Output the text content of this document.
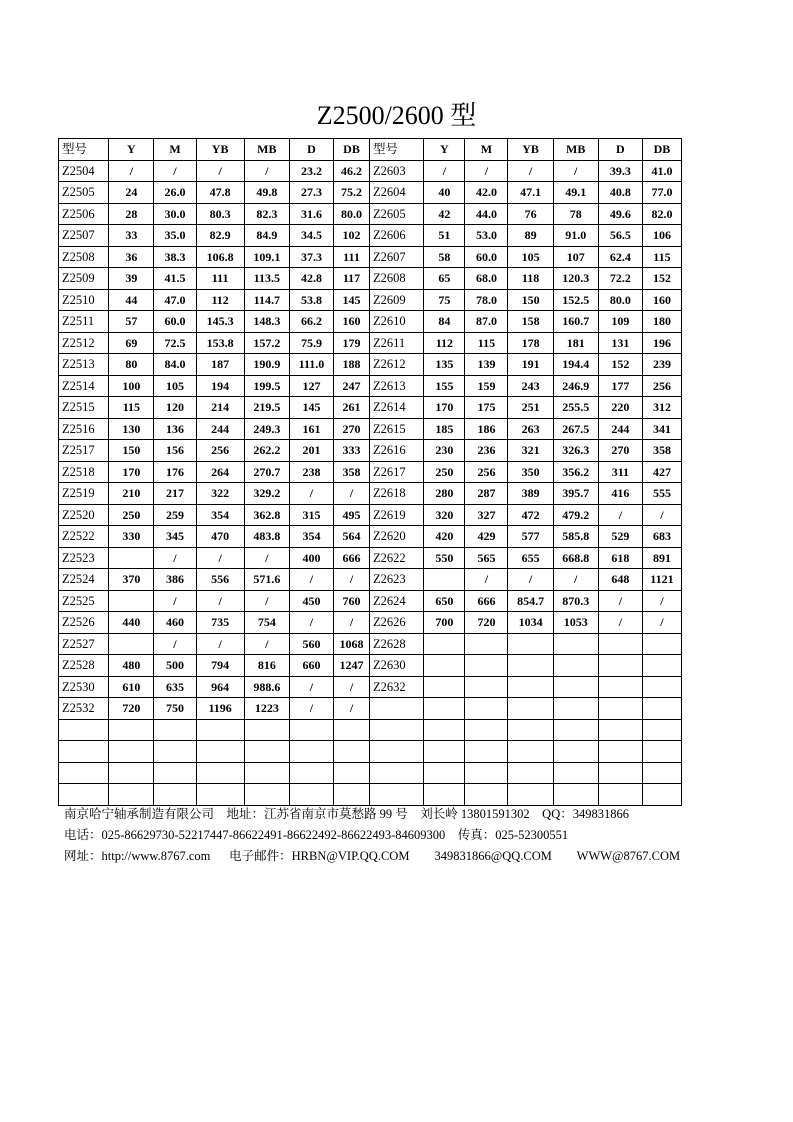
Z2500/2600 型
型号	Y	M	YB	MB	D	DB	型号	Y	M	YB	MB	D	DB
Z2504	/	/	/	/	23.2	46.2	Z2603	/	/	/	/	39.3	41.0
Z2505	24	26.0	47.8	49.8	27.3	75.2	Z2604	40	42.0	47.1	49.1	40.8	77.0
Z2506	28	30.0	80.3	82.3	31.6	80.0	Z2605	42	44.0	76	78	49.6	82.0
Z2507	33	35.0	82.9	84.9	34.5	102	Z2606	51	53.0	89	91.0	56.5	106
Z2508	36	38.3	106.8	109.1	37.3	111	Z2607	58	60.0	105	107	62.4	115
Z2509	39	41.5	111	113.5	42.8	117	Z2608	65	68.0	118	120.3	72.2	152
Z2510	44	47.0	112	114.7	53.8	145	Z2609	75	78.0	150	152.5	80.0	160
Z2511	57	60.0	145.3	148.3	66.2	160	Z2610	84	87.0	158	160.7	109	180
Z2512	69	72.5	153.8	157.2	75.9	179	Z2611	112	115	178	181	131	196
Z2513	80	84.0	187	190.9	111.0	188	Z2612	135	139	191	194.4	152	239
Z2514	100	105	194	199.5	127	247	Z2613	155	159	243	246.9	177	256
Z2515	115	120	214	219.5	145	261	Z2614	170	175	251	255.5	220	312
Z2516	130	136	244	249.3	161	270	Z2615	185	186	263	267.5	244	341
Z2517	150	156	256	262.2	201	333	Z2616	230	236	321	326.3	270	358
Z2518	170	176	264	270.7	238	358	Z2617	250	256	350	356.2	311	427
Z2519	210	217	322	329.2	/	/	Z2618	280	287	389	395.7	416	555
Z2520	250	259	354	362.8	315	495	Z2619	320	327	472	479.2	/	/
Z2522	330	345	470	483.8	354	564	Z2620	420	429	577	585.8	529	683
Z2523		/	/	/	400	666	Z2622	550	565	655	668.8	618	891
Z2524	370	386	556	571.6	/	/	Z2623		/	/	/	648	1121
Z2525		/	/	/	450	760	Z2624	650	666	854.7	870.3	/	/
Z2526	440	460	735	754	/	/	Z2626	700	720	1034	1053	/	/
Z2527		/	/	/	560	1068	Z2628						
Z2528	480	500	794	816	660	1247	Z2630						
Z2530	610	635	964	988.6	/	/	Z2632						
Z2532	720	750	1196	1223	/	/							

南京哈宁轴承制造有限公司 地址：江苏省南京市莫愁路 99 号 刘长岭 13801591302 QQ：349831866
电话：025-86629730-52217447-86622491-86622492-86622493-84609300 传真：025-52300551
网址：http://www.8767.com 电子邮件：HRBN@VIP.QQ.COM 349831866@QQ.COM WWW@8767.COM
